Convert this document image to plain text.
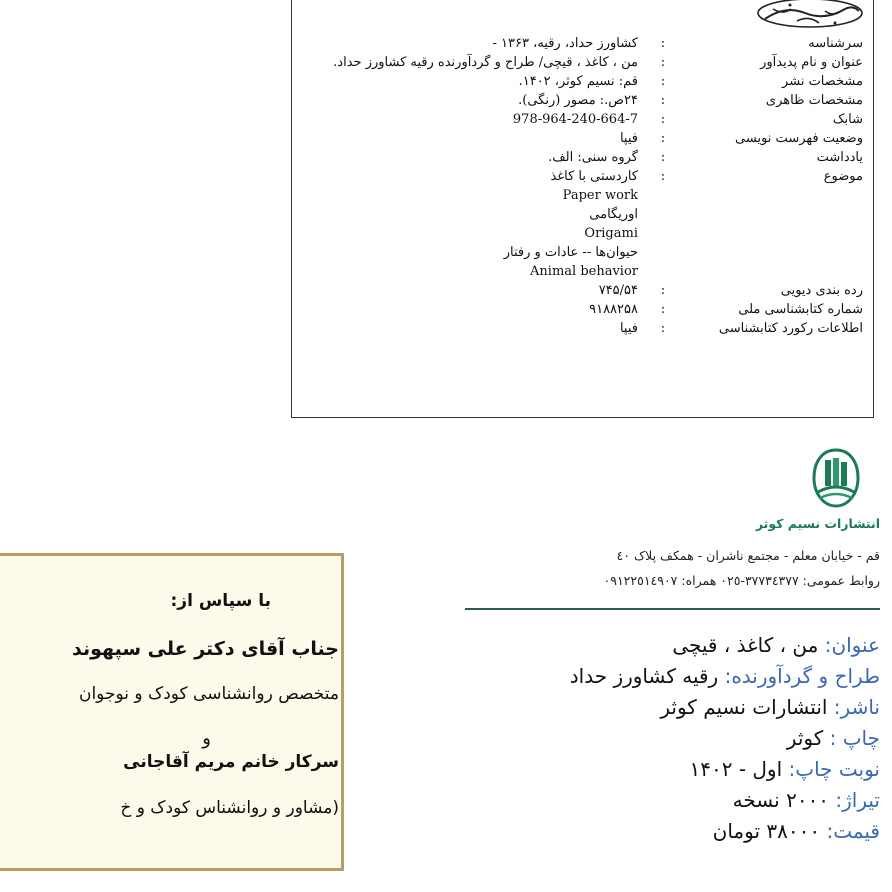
سرشناسه
:
کشاورز حداد، رقیه، ۱۳۶۳ -
عنوان و نام پدیدآور
:
من ، کاغذ ، قیچی/ طراح و گردآورنده رقیه کشاورز حداد.
مشخصات نشر
:
قم: نسیم کوثر، ۱۴۰۲.
مشخصات ظاهری
:
۲۴ص.: مصور (رنگی).
شابک
:
978-964-240-664-7
وضعیت فهرست نویسی
:
فیپا
یادداشت
:
گروه سنی: الف.
موضوع
:
کاردستی با کاغذ
Paper work
اوریگامی
Origami
حیوان‌ها -- عادات و رفتار
Animal behavior
رده بندی دیویی
:
۷۴۵/۵۴
شماره کتابشناسی ملی
:
۹۱۸۸۲۵۸
اطلاعات رکورد کتابشناسی
:
فیپا
انتشارات نسیم کوثر
قم - خیابان معلم - مجتمع ناشران - همکف پلاک ٤٠
روابط عمومی: ٣٧٧٣٤٣٧٧-٠٢٥ همراه: ٠٩١٢٢٥١٤٩٠٧
عنوان: من ، کاغذ ، قیچی
طراح و گردآورنده: رقیه کشاورز حداد
ناشر: انتشارات نسیم کوثر
چاپ : کوثر
نوبت چاپ: اول - ۱۴۰۲
تیراژ: ۲۰۰۰ نسخه
قیمت: ۳۸۰۰۰ تومان
با سپاس از:
جناب آقای دکتر علی سپهوند
متخصص روانشناسی کودک و نوجوان
و
سرکار خانم مریم آقاجانی
(مشاور و روانشناس کودک و خ
